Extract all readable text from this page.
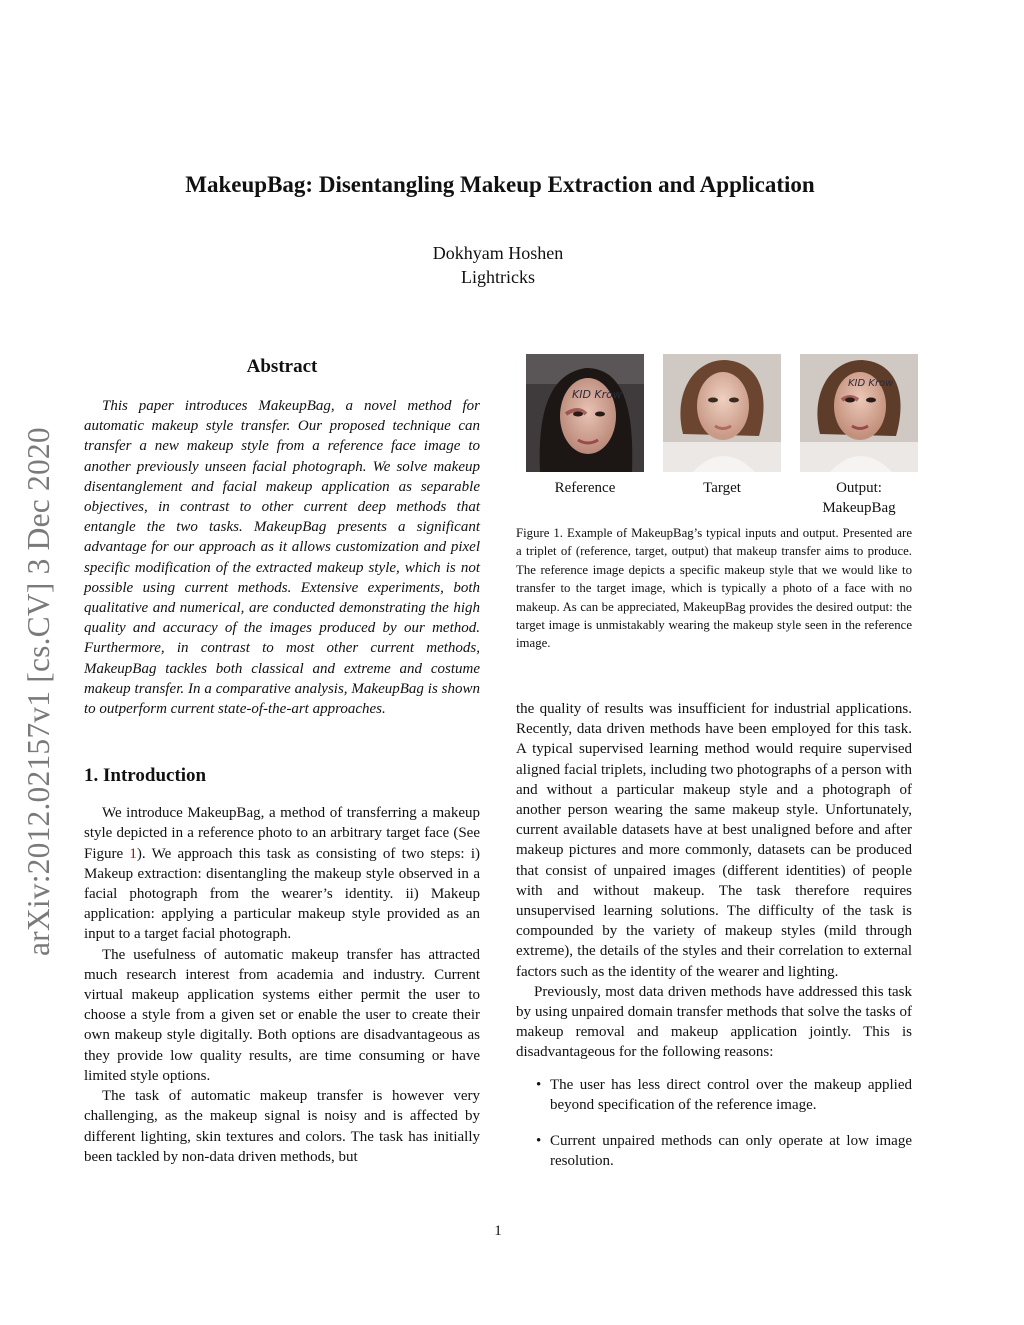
arXiv:2012.02157v1 [cs.CV] 3 Dec 2020
MakeupBag: Disentangling Makeup Extraction and Application
Dokhyam Hoshen
Lightricks
Abstract

This paper introduces MakeupBag, a novel method for automatic makeup style transfer. Our proposed technique can transfer a new makeup style from a reference face image to another previously unseen facial photograph. We solve makeup disentanglement and facial makeup application as separable objectives, in contrast to other current deep methods that entangle the two tasks. MakeupBag presents a significant advantage for our approach as it allows customization and pixel specific modification of the extracted makeup style, which is not possible using current methods. Extensive experiments, both qualitative and numerical, are conducted demonstrating the high quality and accuracy of the images produced by our method. Furthermore, in contrast to most other current methods, MakeupBag tackles both classical and extreme and costume makeup transfer. In a comparative analysis, MakeupBag is shown to outperform current state-of-the-art approaches.

1. Introduction

We introduce MakeupBag, a method of transferring a makeup style depicted in a reference photo to an arbitrary target face (See Figure 1). We approach this task as consisting of two steps: i) Makeup extraction: disentangling the makeup style observed in a facial photograph from the wearer’s identity. ii) Makeup application: applying a particular makeup style provided as an input to a target facial photograph.

The usefulness of automatic makeup transfer has attracted much research interest from academia and industry. Current virtual makeup application systems either permit the user to choose a style from a given set or enable the user to create their own makeup style digitally. Both options are disadvantageous as they provide low quality results, are time consuming or have limited style options.

The task of automatic makeup transfer is however very challenging, as the makeup signal is noisy and is affected by different lighting, skin textures and colors. The task has initially been tackled by non-data driven methods, but

KID Krow
Reference	Target
KID Krow
Output:
MakeupBag

Figure 1. Example of MakeupBag’s typical inputs and output. Presented are a triplet of (reference, target, output) that makeup transfer aims to produce. The reference image depicts a specific makeup style that we would like to transfer to the target image, which is typically a photo of a face with no makeup. As can be appreciated, MakeupBag provides the desired output: the target image is unmistakably wearing the makeup style seen in the reference image.

the quality of results was insufficient for industrial applications. Recently, data driven methods have been employed for this task. A typical supervised learning method would require supervised aligned facial triplets, including two photographs of a person with and without a particular makeup style and a photograph of another person wearing the same makeup style. Unfortunately, current available datasets have at best unaligned before and after makeup pictures and more commonly, datasets can be produced that consist of unpaired images (different identities) of people with and without makeup. The task therefore requires unsupervised learning solutions. The difficulty of the task is compounded by the variety of makeup styles (mild through extreme), the details of the styles and their correlation to external factors such as the identity of the wearer and lighting.

Previously, most data driven methods have addressed this task by using unpaired domain transfer methods that solve the tasks of makeup removal and makeup application jointly. This is disadvantageous for the following reasons:

• The user has less direct control over the makeup applied beyond specification of the reference image.
• Current unpaired methods can only operate at low image resolution.
1
